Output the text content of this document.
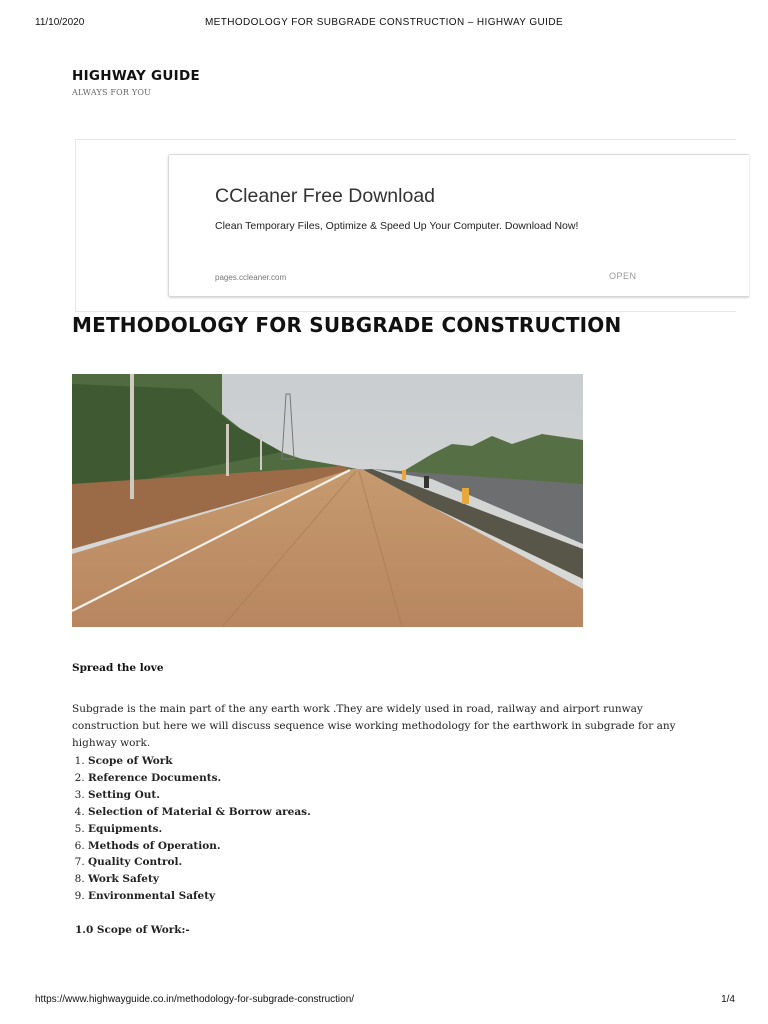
11/10/2020	METHODOLOGY FOR SUBGRADE CONSTRUCTION – HIGHWAY GUIDE
HIGHWAY GUIDE
ALWAYS FOR YOU
CCleaner Free Download
Clean Temporary Files, Optimize & Speed Up Your Computer. Download Now!
pages.ccleaner.com	OPEN
METHODOLOGY FOR SUBGRADE CONSTRUCTION
Spread the love

Subgrade is the main part of the any earth work .They are widely used in road, railway and airport runway construction but here we will discuss sequence wise working methodology for the earthwork in subgrade for any highway work.

1. Scope of Work
2. Reference Documents.
3. Setting Out.
4. Selection of Material & Borrow areas.
5. Equipments.
6. Methods of Operation.
7. Quality Control.
8. Work Safety
9. Environmental Safety
1.0 Scope of Work:-
https://www.highwayguide.co.in/methodology-for-subgrade-construction/	1/4
